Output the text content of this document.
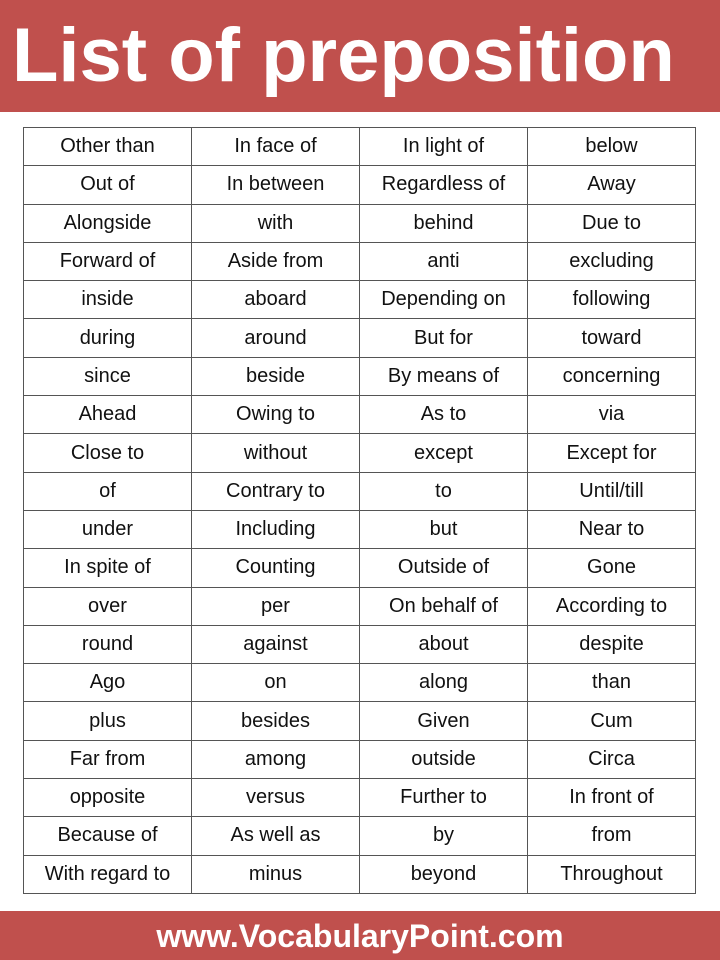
List of preposition
Other than	In face of	In light of	below
Out of	In between	Regardless of	Away
Alongside	with	behind	Due to
Forward of	Aside from	anti	excluding
inside	aboard	Depending on	following
during	around	But for	toward
since	beside	By means of	concerning
Ahead	Owing to	As to	via
Close to	without	except	Except for
of	Contrary to	to	Until/till
under	Including	but	Near to
In spite of	Counting	Outside of	Gone
over	per	On behalf of	According to
round	against	about	despite
Ago	on	along	than
plus	besides	Given	Cum
Far from	among	outside	Circa
opposite	versus	Further to	In front of
Because of	As well as	by	from
With regard to	minus	beyond	Throughout
www.VocabularyPoint.com
